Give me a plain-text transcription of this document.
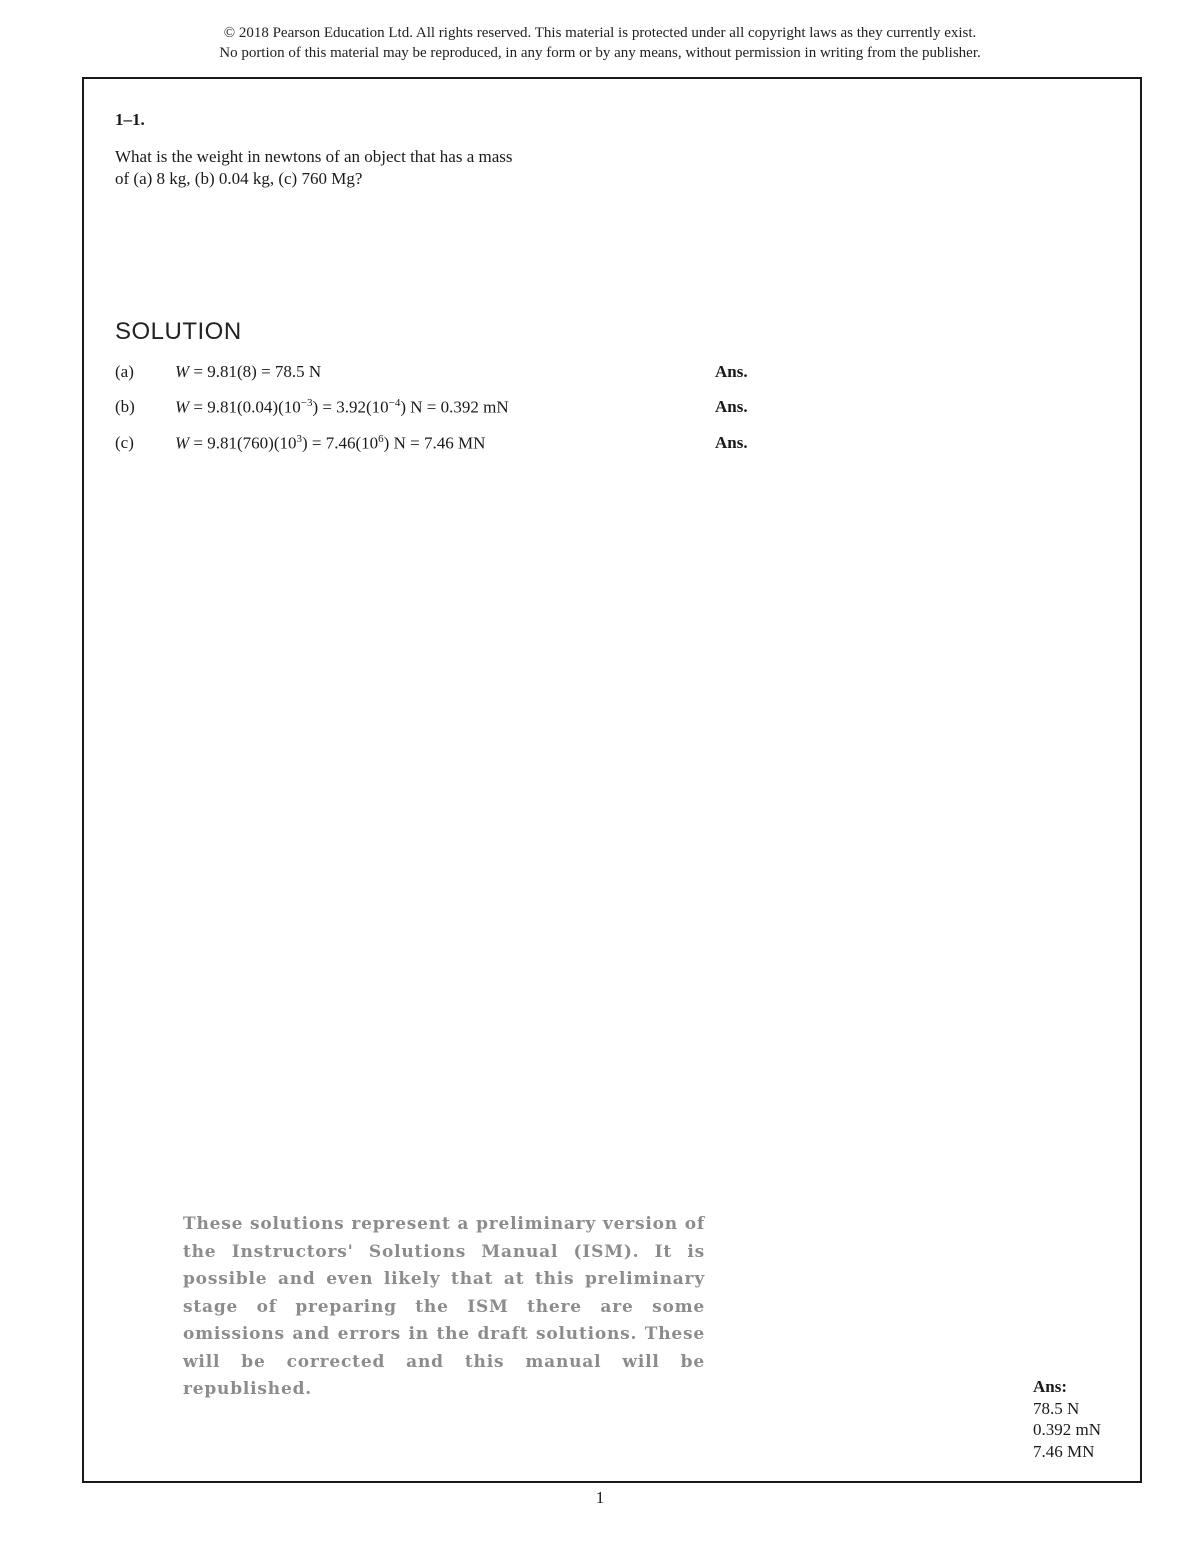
© 2018 Pearson Education Ltd. All rights reserved. This material is protected under all copyright laws as they currently exist.
No portion of this material may be reproduced, in any form or by any means, without permission in writing from the publisher.
1–1.
What is the weight in newtons of an object that has a mass
of (a) 8 kg, (b) 0.04 kg, (c) 760 Mg?
SOLUTION
(a) W = 9.81(8) = 78.5 N	Ans.
(b) $W = 9.81(0.04)(10^{-3}) = 3.92(10^{-4}) N = 0.392$ mN	Ans.
(c) $W = 9.81(760)(10^3) = 7.46(10^6) N = 7.46$ MN	Ans.
These solutions represent a preliminary version of the Instructors' Solutions Manual (ISM). It is possible and even likely that at this preliminary stage of preparing the ISM there are some omissions and errors in the draft solutions. These will be corrected and this manual will be republished.	Ans:
78.5 N
0.392 mN
7.46 MN
1
